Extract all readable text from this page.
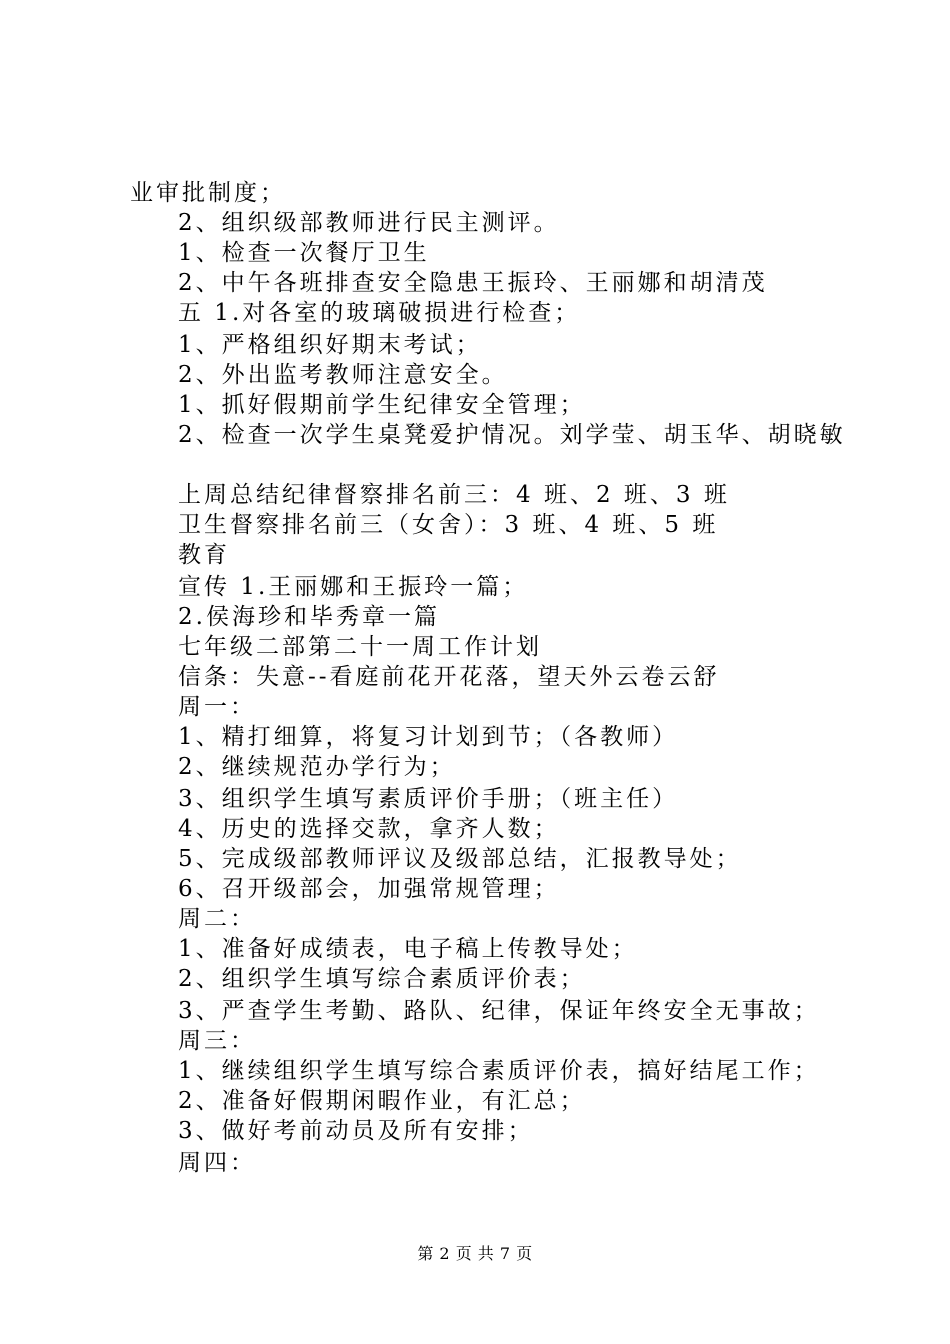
业审批制度；
2、组织级部教师进行民主测评。
1、检查一次餐厅卫生
2、中午各班排查安全隐患王振玲、王丽娜和胡清茂
五 1.对各室的玻璃破损进行检查；
1、严格组织好期末考试；
2、外出监考教师注意安全。
1、抓好假期前学生纪律安全管理；
2、检查一次学生桌凳爱护情况。刘学莹、胡玉华、胡晓敏
上周总结纪律督察排名前三：4 班、2 班、3 班
卫生督察排名前三（女舍）：3 班、4 班、5 班
教育
宣传 1.王丽娜和王振玲一篇；
2.侯海珍和毕秀章一篇
七年级二部第二十一周工作计划
信条：失意--看庭前花开花落，望天外云卷云舒
周一：
1、精打细算，将复习计划到节；（各教师）
2、继续规范办学行为；
3、组织学生填写素质评价手册；（班主任）
4、历史的选择交款，拿齐人数；
5、完成级部教师评议及级部总结，汇报教导处；
6、召开级部会，加强常规管理；
周二：
1、准备好成绩表，电子稿上传教导处；
2、组织学生填写综合素质评价表；
3、严查学生考勤、路队、纪律，保证年终安全无事故；
周三：
1、继续组织学生填写综合素质评价表，搞好结尾工作；
2、准备好假期闲暇作业，有汇总；
3、做好考前动员及所有安排；
周四：
第 2 页 共 7 页
